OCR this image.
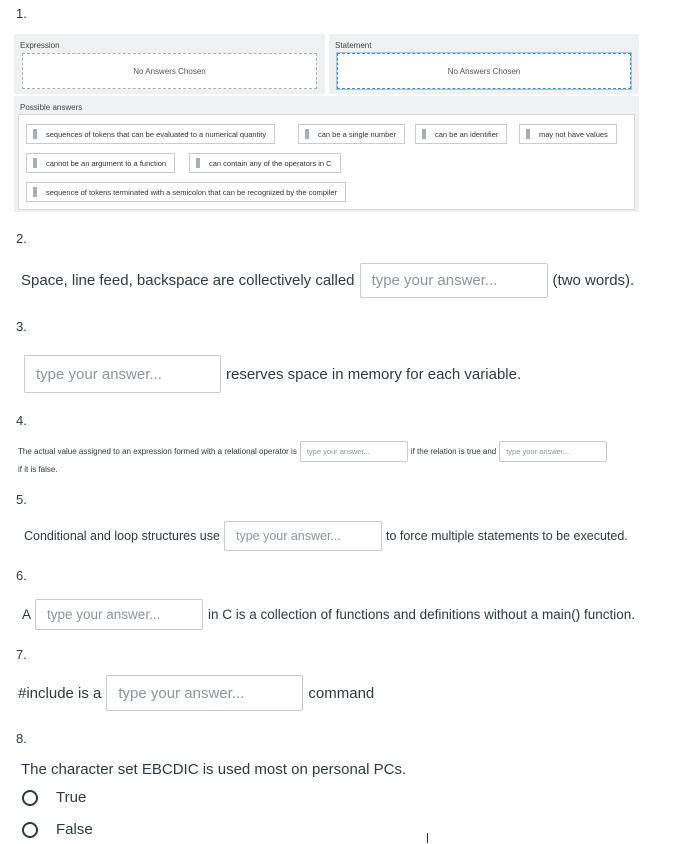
1.
Expression
No Answers Chosen
Statement
No Answers Chosen
Possible answers
sequences of tokens that can be evaluated to a numerical quantity	can be a single number	can be an identifier	may not have values
cannot be an argument to a function	can contain any of the operators in C
sequence of tokens terminated with a semicolon that can be recognized by the compiler
2.
Space, line feed, backspace are collectively called	type your answer...	(two words).
3.
type your answer...	reserves space in memory for each variable.
4.
The actual value assigned to an expression formed with a relational operator is	type your answer...	if the relation is true and	type your answer...
if it is false.
5.
Conditional and loop structures use	type your answer...	to force multiple statements to be executed.
6.
A	type your answer...	in C is a collection of functions and definitions without a main() function.
7.
#include is a	type your answer...	command
8.
The character set EBCDIC is used most on personal PCs.
True
False
